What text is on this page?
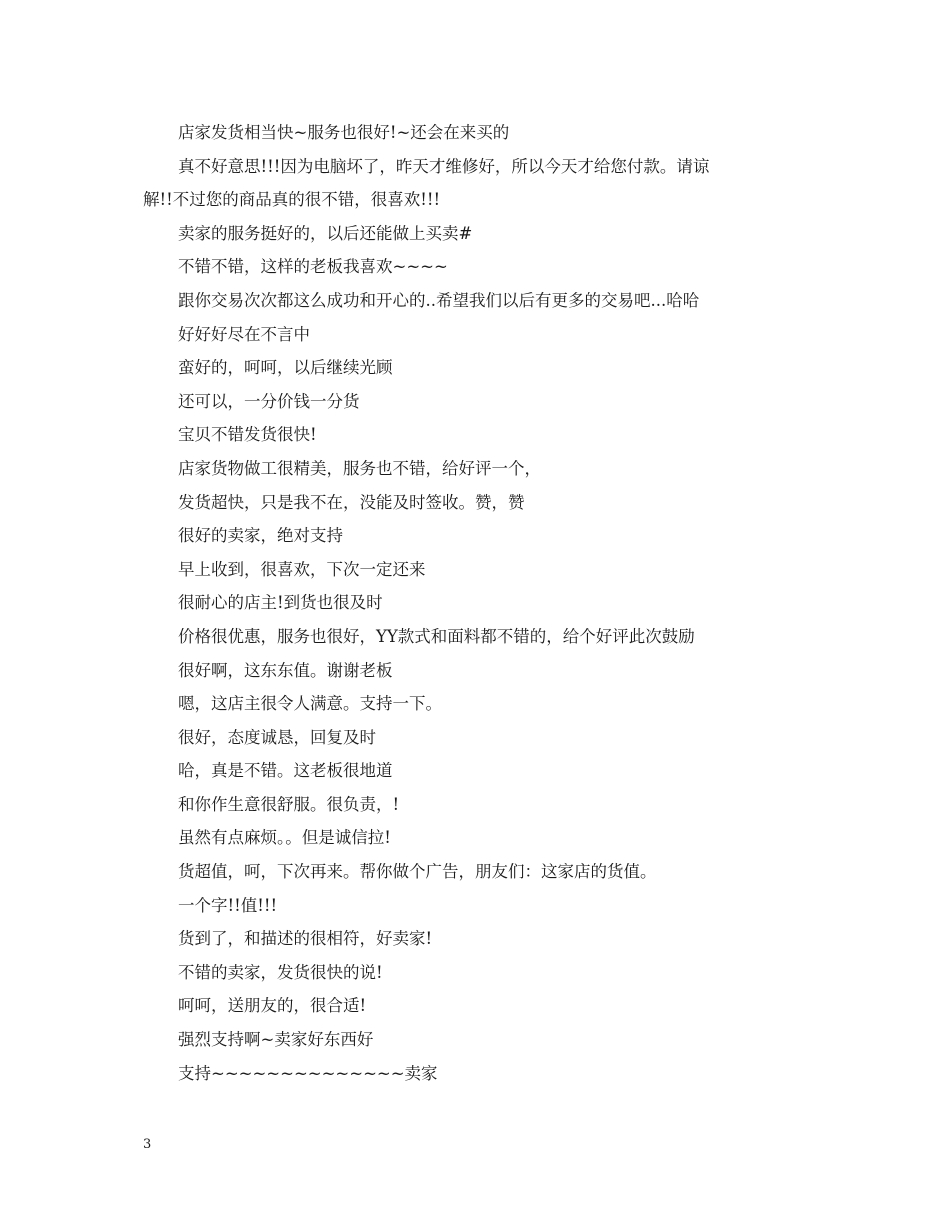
店家发货相当快~服务也很好!~还会在来买的
真不好意思!!!因为电脑坏了，昨天才维修好，所以今天才给您付款。请谅
解!!不过您的商品真的很不错，很喜欢!!!
卖家的服务挺好的，以后还能做上买卖#
不错不错，这样的老板我喜欢~~~~
跟你交易次次都这么成功和开心的..希望我们以后有更多的交易吧...哈哈
好好好尽在不言中
蛮好的，呵呵，以后继续光顾
还可以，一分价钱一分货
宝贝不错发货很快!
店家货物做工很精美，服务也不错，给好评一个，
发货超快，只是我不在，没能及时签收。赞，赞
很好的卖家，绝对支持
早上收到，很喜欢，下次一定还来
很耐心的店主!到货也很及时
价格很优惠，服务也很好，YY款式和面料都不错的，给个好评此次鼓励
很好啊，这东东值。谢谢老板
嗯，这店主很令人满意。支持一下。
很好，态度诚恳，回复及时
哈，真是不错。这老板很地道
和你作生意很舒服。很负责，!
虽然有点麻烦。。但是诚信拉!
货超值，呵，下次再来。帮你做个广告，朋友们：这家店的货值。
一个字!!值!!!
货到了，和描述的很相符，好卖家!
不错的卖家，发货很快的说!
呵呵，送朋友的，很合适!
强烈支持啊~卖家好东西好
支持~~~~~~~~~~~~~~卖家
3
